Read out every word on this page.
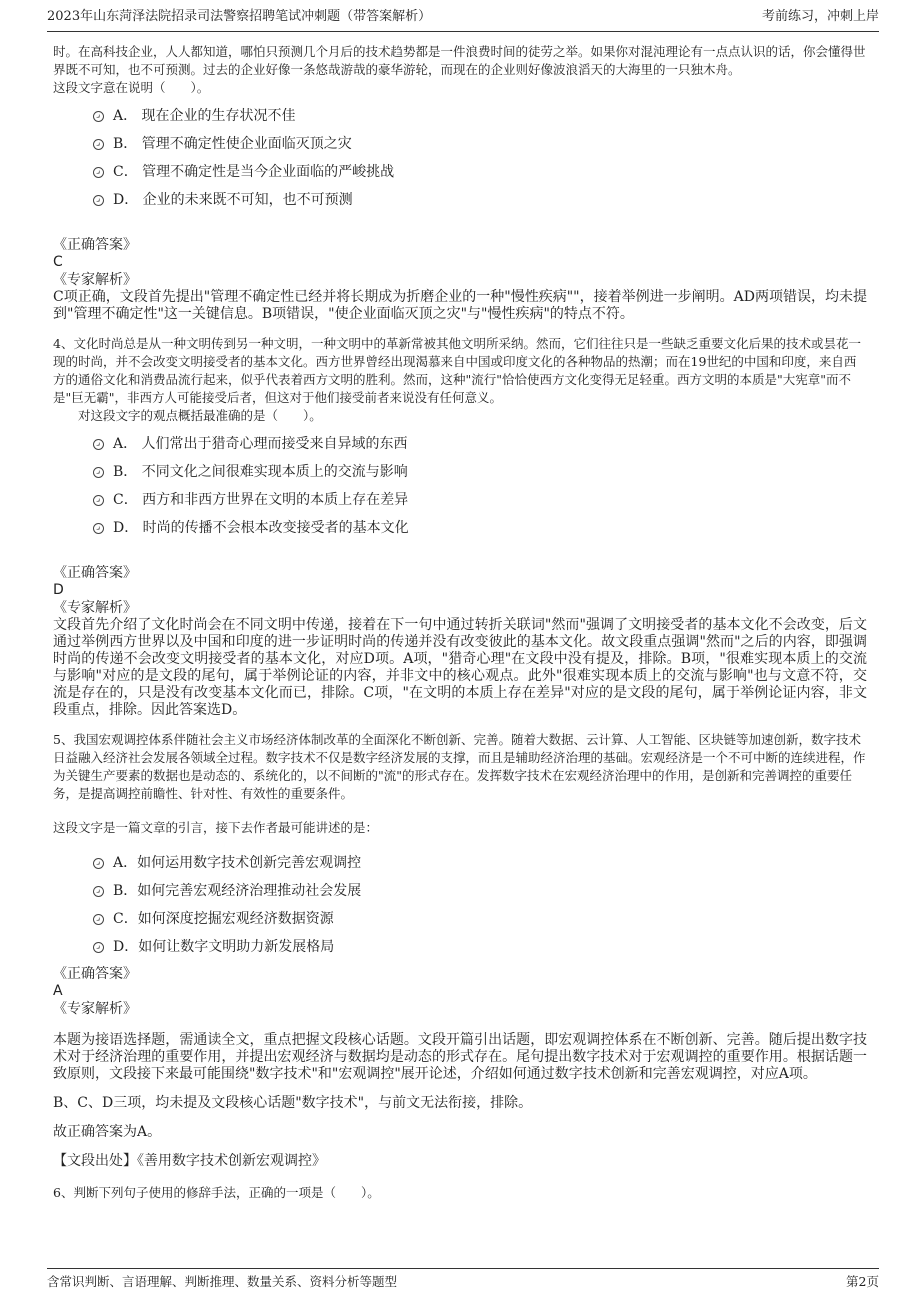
2023年山东菏泽法院招录司法警察招聘笔试冲刺题（带答案解析）	考前练习，冲刺上岸

时。在高科技企业，人人都知道，哪怕只预测几个月后的技术趋势都是一件浪费时间的徒劳之举。如果你对混沌理论有一点点认识的话，你会懂得世界既不可知，也不可预测。过去的企业好像一条悠哉游哉的豪华游轮，而现在的企业则好像波浪滔天的大海里的一只独木舟。

这段文字意在说明（　　）。

A． 现在企业的生存状况不佳
B． 管理不确定性使企业面临灭顶之灾
C． 管理不确定性是当今企业面临的严峻挑战
D． 企业的未来既不可知，也不可预测

《正确答案》

C

《专家解析》

C项正确，文段首先提出"管理不确定性已经并将长期成为折磨企业的一种"慢性疾病""，接着举例进一步阐明。AD两项错误，均未提到"管理不确定性"这一关键信息。B项错误，"使企业面临灭顶之灾"与"慢性疾病"的特点不符。

4、文化时尚总是从一种文明传到另一种文明，一种文明中的革新常被其他文明所采纳。然而，它们往往只是一些缺乏重要文化后果的技术或昙花一现的时尚，并不会改变文明接受者的基本文化。西方世界曾经出现渴慕来自中国或印度文化的各种物品的热潮；而在19世纪的中国和印度，来自西方的通俗文化和消费品流行起来，似乎代表着西方文明的胜利。然而，这种"流行"恰恰使西方文化变得无足轻重。西方文明的本质是"大宪章"而不是"巨无霸"，非西方人可能接受后者，但这对于他们接受前者来说没有任何意义。

对这段文字的观点概括最准确的是（　　）。

A． 人们常出于猎奇心理而接受来自异域的东西
B． 不同文化之间很难实现本质上的交流与影响
C． 西方和非西方世界在文明的本质上存在差异
D． 时尚的传播不会根本改变接受者的基本文化

《正确答案》

D

《专家解析》

文段首先介绍了文化时尚会在不同文明中传递，接着在下一句中通过转折关联词"然而"强调了文明接受者的基本文化不会改变，后文通过举例西方世界以及中国和印度的进一步证明时尚的传递并没有改变彼此的基本文化。故文段重点强调"然而"之后的内容，即强调时尚的传递不会改变文明接受者的基本文化，对应D项。A项，"猎奇心理"在文段中没有提及，排除。B项，"很难实现本质上的交流与影响"对应的是文段的尾句，属于举例论证的内容，并非文中的核心观点。此外"很难实现本质上的交流与影响"也与文意不符，交流是存在的，只是没有改变基本文化而已，排除。C项，"在文明的本质上存在差异"对应的是文段的尾句，属于举例论证内容，非文段重点，排除。因此答案选D。

5、我国宏观调控体系伴随社会主义市场经济体制改革的全面深化不断创新、完善。随着大数据、云计算、人工智能、区块链等加速创新，数字技术日益融入经济社会发展各领域全过程。数字技术不仅是数字经济发展的支撑，而且是辅助经济治理的基础。宏观经济是一个不可中断的连续进程，作为关键生产要素的数据也是动态的、系统化的，以不间断的"流"的形式存在。发挥数字技术在宏观经济治理中的作用，是创新和完善调控的重要任务，是提高调控前瞻性、针对性、有效性的重要条件。

这段文字是一篇文章的引言，接下去作者最可能讲述的是：

A．如何运用数字技术创新完善宏观调控
B．如何完善宏观经济治理推动社会发展
C．如何深度挖掘宏观经济数据资源
D．如何让数字文明助力新发展格局

《正确答案》

A

《专家解析》

本题为接语选择题，需通读全文，重点把握文段核心话题。文段开篇引出话题，即宏观调控体系在不断创新、完善。随后提出数字技术对于经济治理的重要作用，并提出宏观经济与数据均是动态的形式存在。尾句提出数字技术对于宏观调控的重要作用。根据话题一致原则，文段接下来最可能围绕"数字技术"和"宏观调控"展开论述，介绍如何通过数字技术创新和完善宏观调控，对应A项。

B、C、D三项，均未提及文段核心话题"数字技术"，与前文无法衔接，排除。

故正确答案为A。

【文段出处】《善用数字技术创新宏观调控》

6、判断下列句子使用的修辞手法，正确的一项是（　　）。

含常识判断、言语理解、判断推理、数量关系、资料分析等题型	第2页
